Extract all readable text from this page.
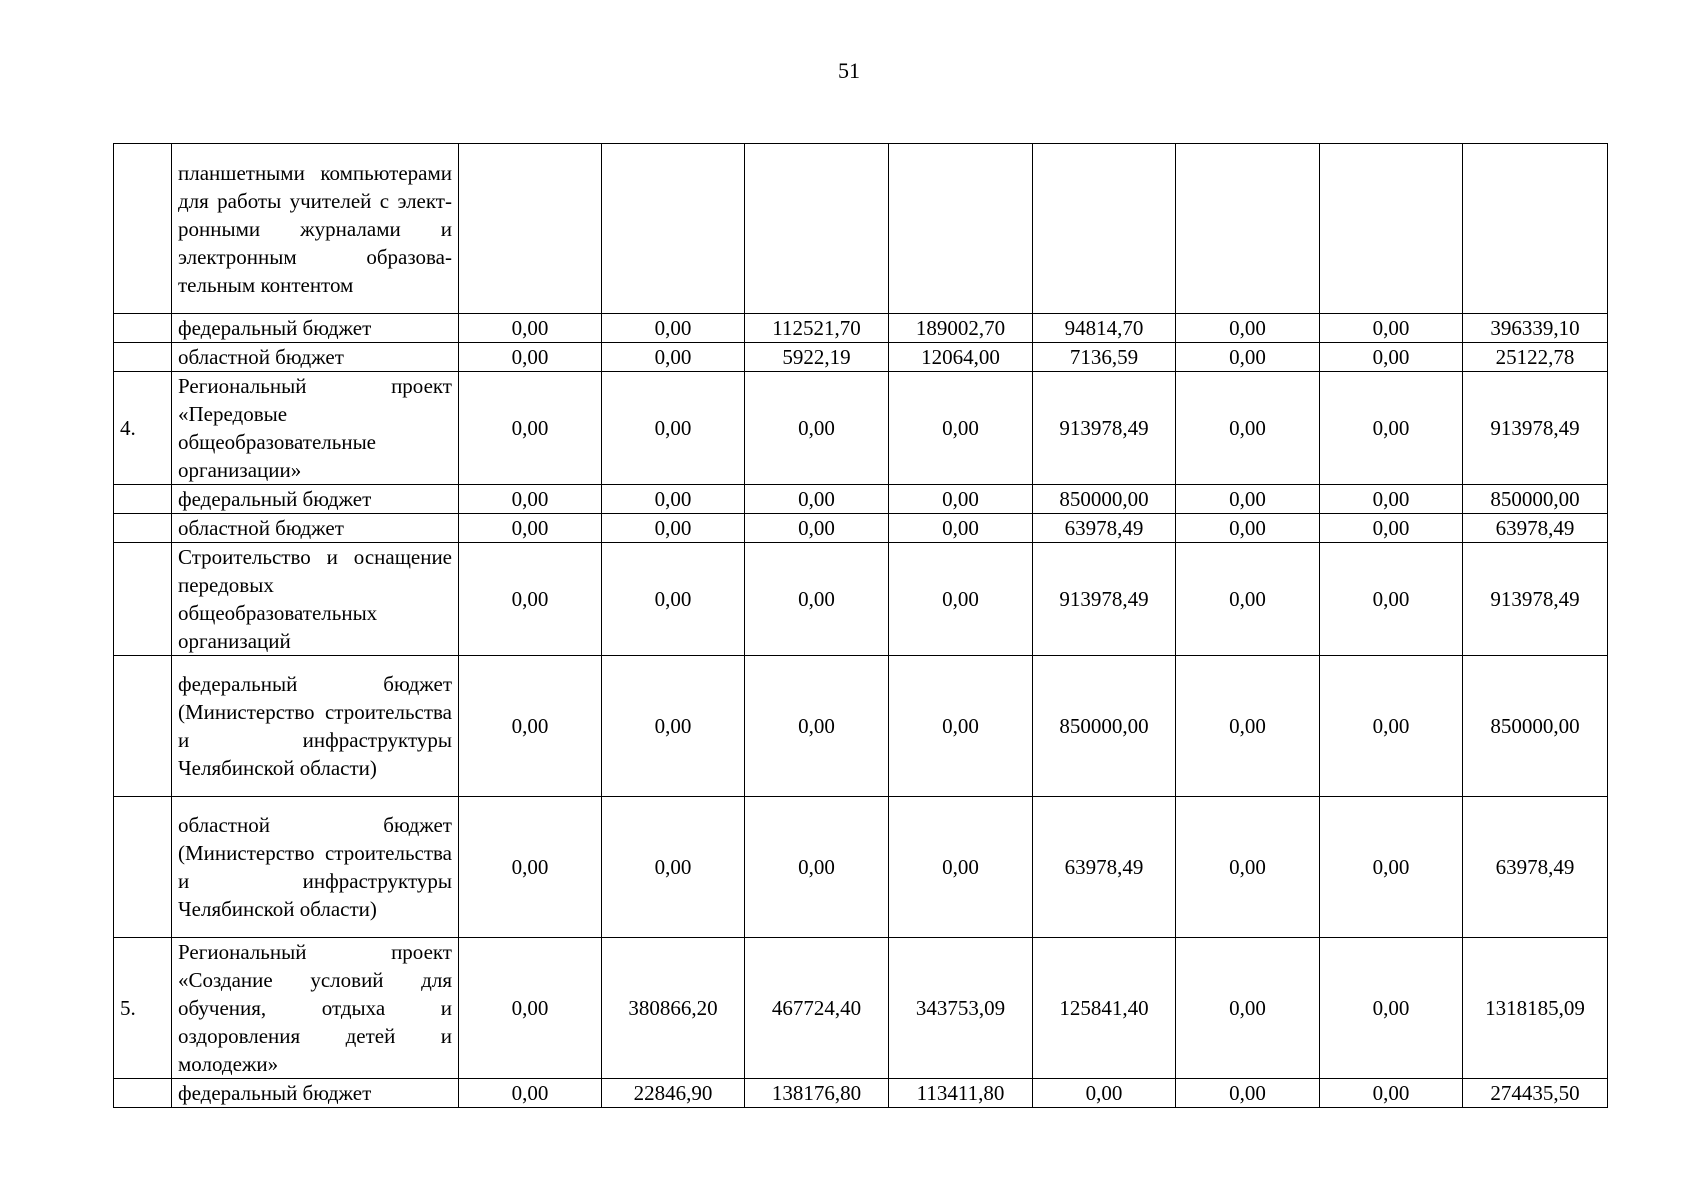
51
	планшетными компьютерами для работы учителей с электронными журналами и электронным образовательным контентом								
	федеральный бюджет	0,00	0,00	112521,70	189002,70	94814,70	0,00	0,00	396339,10
	областной бюджет	0,00	0,00	5922,19	12064,00	7136,59	0,00	0,00	25122,78
4.	Региональный проект «Передовые общеобразовательные организации»	0,00	0,00	0,00	0,00	913978,49	0,00	0,00	913978,49
	федеральный бюджет	0,00	0,00	0,00	0,00	850000,00	0,00	0,00	850000,00
	областной бюджет	0,00	0,00	0,00	0,00	63978,49	0,00	0,00	63978,49
	Строительство и оснащение передовых общеобразовательных организаций	0,00	0,00	0,00	0,00	913978,49	0,00	0,00	913978,49
	федеральный бюджет (Министерство строительства и инфраструктуры Челябинской области)	0,00	0,00	0,00	0,00	850000,00	0,00	0,00	850000,00
	областной бюджет (Министерство строительства и инфраструктуры Челябинской области)	0,00	0,00	0,00	0,00	63978,49	0,00	0,00	63978,49
5.	Региональный проект «Создание условий для обучения, отдыха и оздоровления детей и молодежи»	0,00	380866,20	467724,40	343753,09	125841,40	0,00	0,00	1318185,09
	федеральный бюджет	0,00	22846,90	138176,80	113411,80	0,00	0,00	0,00	274435,50
